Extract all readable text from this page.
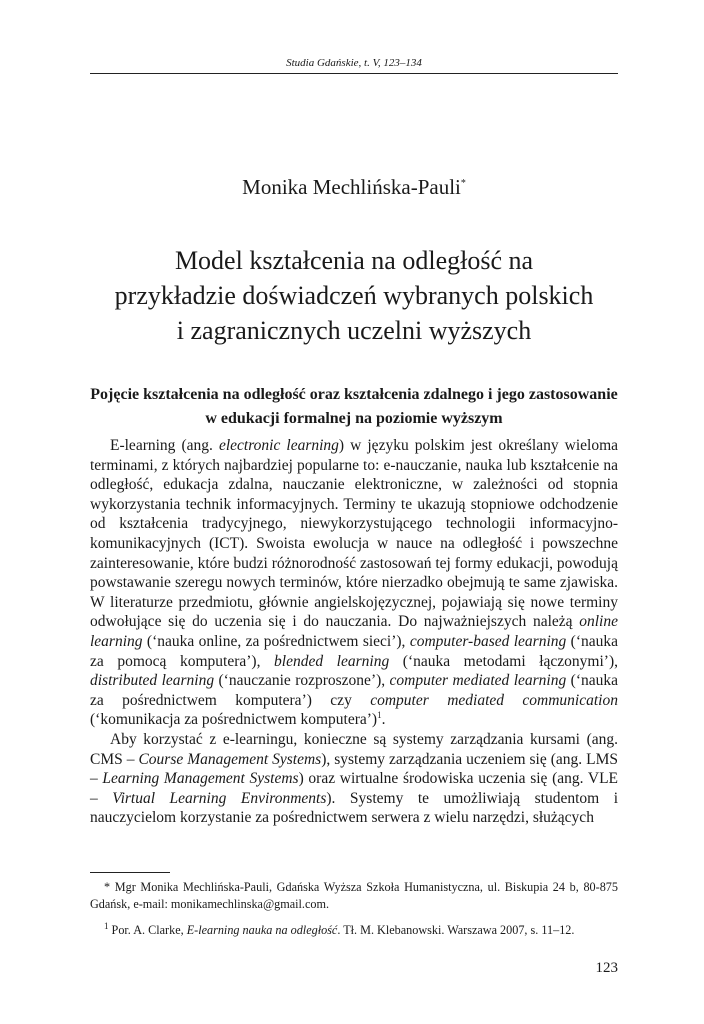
Studia Gdańskie, t. V, 123–134
Monika Mechlińska-Pauli*
Model kształcenia na odległość na
przykładzie doświadczeń wybranych polskich
i zagranicznych uczelni wyższych
Pojęcie kształcenia na odległość oraz kształcenia zdalnego i jego zastosowanie w edukacji formalnej na poziomie wyższym

E-learning (ang. electronic learning) w języku polskim jest określany wieloma terminami, z których najbardziej popularne to: e-nauczanie, nauka lub kształcenie na odległość, edukacja zdalna, nauczanie elektroniczne, w zależności od stopnia wykorzystania technik informacyjnych. Terminy te ukazują stopniowe odchodzenie od kształcenia tradycyjnego, niewykorzystującego technologii informacyjno-komunikacyjnych (ICT). Swoista ewolucja w nauce na odległość i powszechne zainteresowanie, które budzi różnorodność zastosowań tej formy edukacji, powodują powstawanie szeregu nowych terminów, które nierzadko obejmują te same zjawiska. W literaturze przedmiotu, głównie angielskojęzycznej, pojawiają się nowe terminy odwołujące się do uczenia się i do nauczania. Do najważniejszych należą online learning (‘nauka online, za pośrednictwem sieci’), computer-based learning (‘nauka za pomocą komputera’), blended learning (‘nauka metodami łączonymi’), distributed learning (‘nauczanie rozproszone’), computer mediated learning (‘nauka za pośrednictwem komputera’) czy computer mediated communication (‘komunikacja za pośrednictwem komputera’)$^1$.

Aby korzystać z e-learningu, konieczne są systemy zarządzania kursami (ang. CMS – Course Management Systems), systemy zarządzania uczeniem się (ang. LMS – Learning Management Systems) oraz wirtualne środowiska uczenia się (ang. VLE – Virtual Learning Environments). Systemy te umożliwiają studentom i nauczycielom korzystanie za pośrednictwem serwera z wielu narzędzi, służących

* Mgr Monika Mechlińska-Pauli, Gdańska Wyższa Szkoła Humanistyczna, ul. Biskupia 24 b, 80-875 Gdańsk, e-mail: monikamechlinska@gmail.com.

$^1$ Por. A. Clarke, E-learning nauka na odległość. Tł. M. Klebanowski. Warszawa 2007, s. 11–12.

123
